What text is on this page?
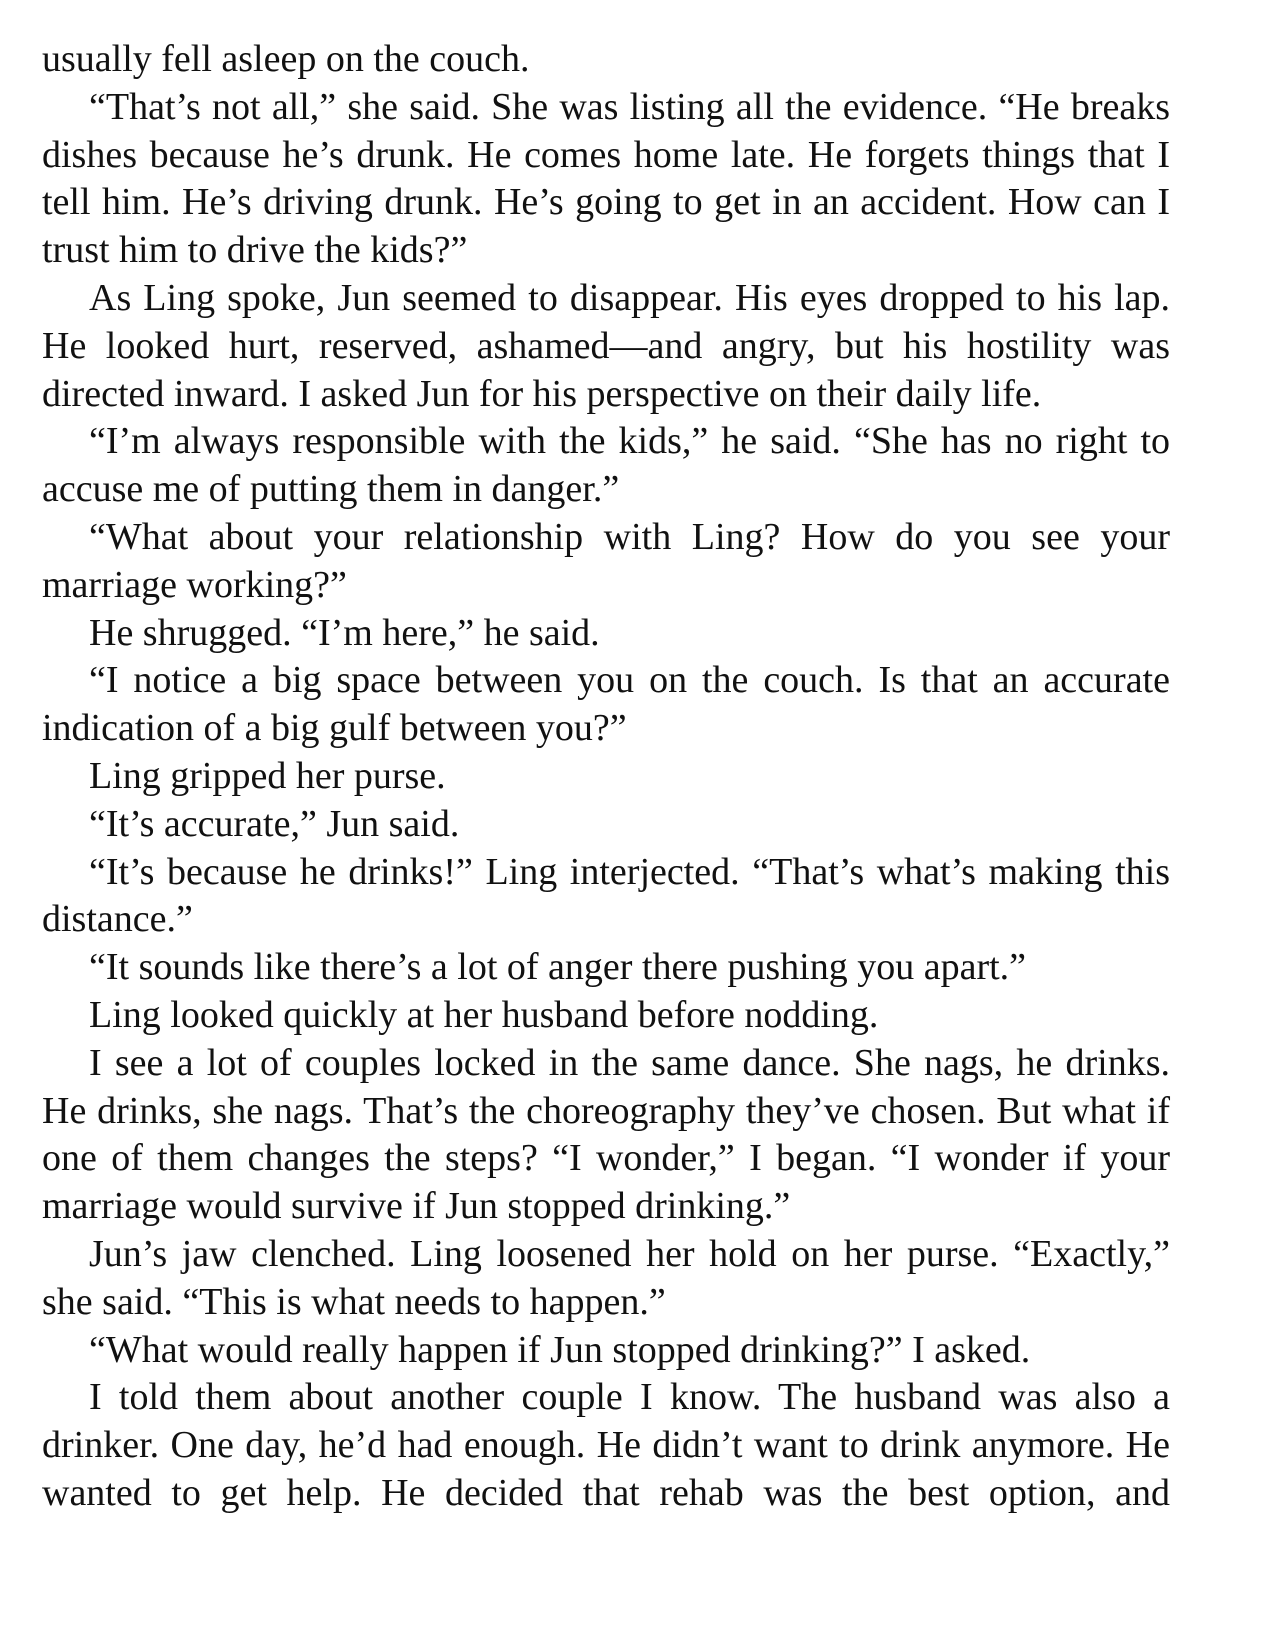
usually fell asleep on the couch.

“That’s not all,” she said. She was listing all the evidence. “He breaks dishes because he’s drunk. He comes home late. He forgets things that I tell him. He’s driving drunk. He’s going to get in an accident. How can I trust him to drive the kids?”

As Ling spoke, Jun seemed to disappear. His eyes dropped to his lap. He looked hurt, reserved, ashamed—and angry, but his hostility was directed inward. I asked Jun for his perspective on their daily life.

“I’m always responsible with the kids,” he said. “She has no right to accuse me of putting them in danger.”

“What about your relationship with Ling? How do you see your marriage working?”

He shrugged. “I’m here,” he said.

“I notice a big space between you on the couch. Is that an accurate indication of a big gulf between you?”

Ling gripped her purse.

“It’s accurate,” Jun said.

“It’s because he drinks!” Ling interjected. “That’s what’s making this distance.”

“It sounds like there’s a lot of anger there pushing you apart.”

Ling looked quickly at her husband before nodding.

I see a lot of couples locked in the same dance. She nags, he drinks. He drinks, she nags. That’s the choreography they’ve chosen. But what if one of them changes the steps? “I wonder,” I began. “I wonder if your marriage would survive if Jun stopped drinking.”

Jun’s jaw clenched. Ling loosened her hold on her purse. “Exactly,” she said. “This is what needs to happen.”

“What would really happen if Jun stopped drinking?” I asked.

I told them about another couple I know. The husband was also a drinker. One day, he’d had enough. He didn’t want to drink anymore. He wanted to get help. He decided that rehab was the best option, and
